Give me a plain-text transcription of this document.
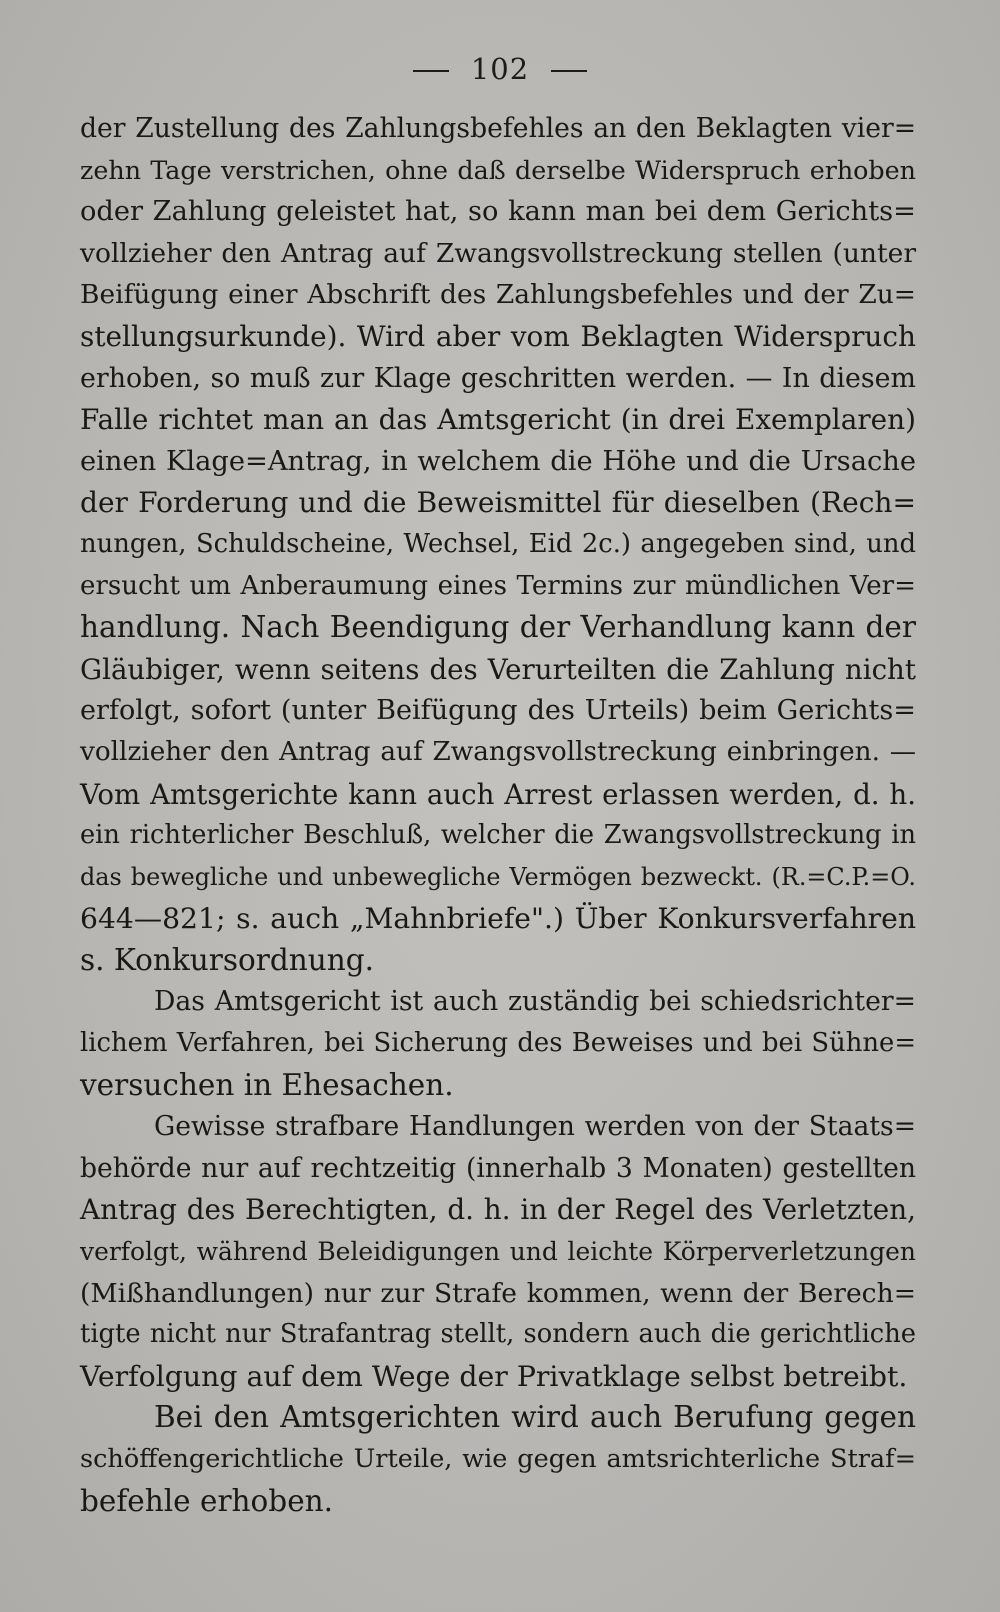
102
der Zustellung des Zahlungsbefehles an den Beklagten vier=
zehn Tage verstrichen, ohne daß derselbe Widerspruch erhoben
oder Zahlung geleistet hat, so kann man bei dem Gerichts=
vollzieher den Antrag auf Zwangsvollstreckung stellen (unter
Beifügung einer Abschrift des Zahlungsbefehles und der Zu=
stellungsurkunde). Wird aber vom Beklagten Widerspruch
erhoben, so muß zur Klage geschritten werden. — In diesem
Falle richtet man an das Amtsgericht (in drei Exemplaren)
einen Klage=Antrag, in welchem die Höhe und die Ursache
der Forderung und die Beweismittel für dieselben (Rech=
nungen, Schuldscheine, Wechsel, Eid 2c.) angegeben sind, und
ersucht um Anberaumung eines Termins zur mündlichen Ver=
handlung. Nach Beendigung der Verhandlung kann der
Gläubiger, wenn seitens des Verurteilten die Zahlung nicht
erfolgt, sofort (unter Beifügung des Urteils) beim Gerichts=
vollzieher den Antrag auf Zwangsvollstreckung einbringen. —
Vom Amtsgerichte kann auch Arrest erlassen werden, d. h.
ein richterlicher Beschluß, welcher die Zwangsvollstreckung in
das bewegliche und unbewegliche Vermögen bezweckt. (R.=C.P.=O.
644—821; s. auch „Mahnbriefe".) Über Konkursverfahren
s. Konkursordnung.
Das Amtsgericht ist auch zuständig bei schiedsrichter=
lichem Verfahren, bei Sicherung des Beweises und bei Sühne=
versuchen in Ehesachen.
Gewisse strafbare Handlungen werden von der Staats=
behörde nur auf rechtzeitig (innerhalb 3 Monaten) gestellten
Antrag des Berechtigten, d. h. in der Regel des Verletzten,
verfolgt, während Beleidigungen und leichte Körperverletzungen
(Mißhandlungen) nur zur Strafe kommen, wenn der Berech=
tigte nicht nur Strafantrag stellt, sondern auch die gerichtliche
Verfolgung auf dem Wege der Privatklage selbst betreibt.
Bei den Amtsgerichten wird auch Berufung gegen
schöffengerichtliche Urteile, wie gegen amtsrichterliche Straf=
befehle erhoben.
